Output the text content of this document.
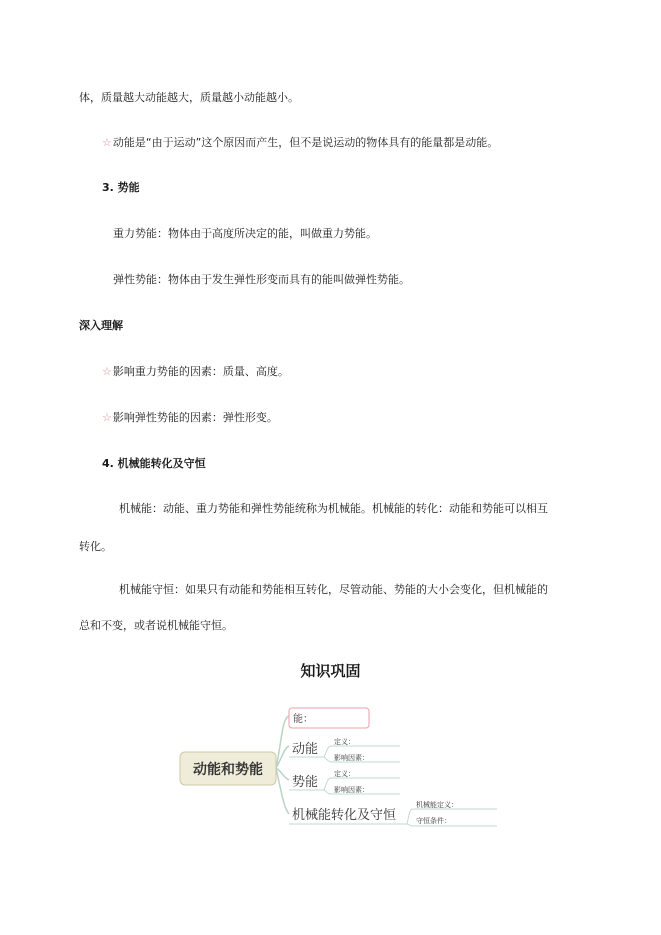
体，质量越大动能越大，质量越小动能越小。
☆动能是“由于运动”这个原因而产生，但不是说运动的物体具有的能量都是动能。
3. 势能
重力势能：物体由于高度所决定的能，叫做重力势能。
弹性势能：物体由于发生弹性形变而具有的能叫做弹性势能。
深入理解
☆影响重力势能的因素：质量、高度。
☆影响弹性势能的因素：弹性形变。
4. 机械能转化及守恒
机械能：动能、重力势能和弹性势能统称为机械能。机械能的转化：动能和势能可以相互
转化。
机械能守恒：如果只有动能和势能相互转化，尽管动能、势能的大小会变化，但机械能的
总和不变，或者说机械能守恒。
知识巩固
动能和势能
能：
动能 定义：
影响因素：
势能
定义：
影响因素：
机械能转化及守恒
机械能定义：
守恒条件：
